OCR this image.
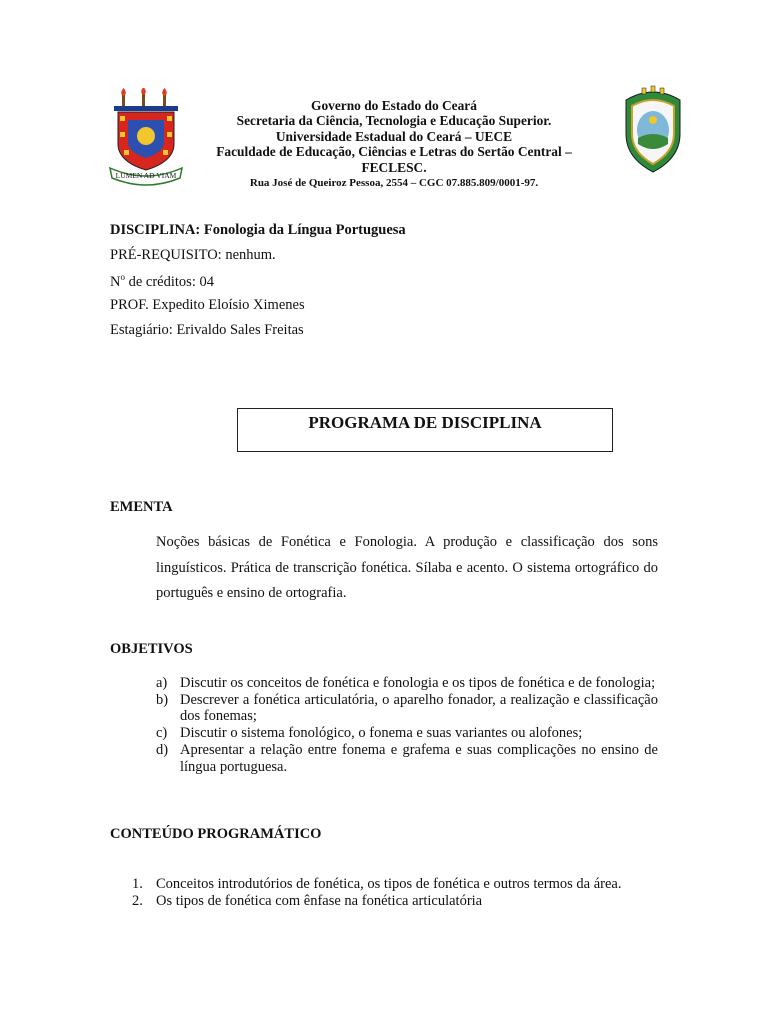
LUMEN AD VIAM
Governo do Estado do Ceará
Secretaria da Ciência, Tecnologia e Educação Superior.
Universidade Estadual do Ceará – UECE
Faculdade de Educação, Ciências e Letras do Sertão Central –
FECLESC.
Rua José de Queiroz Pessoa, 2554 – CGC 07.885.809/0001-97.
DISCIPLINA: Fonologia da Língua Portuguesa
PRÉ-REQUISITO: nenhum.
$N^o$ de créditos: 04
PROF. Expedito Eloísio Ximenes
Estagiário: Erivaldo Sales Freitas
PROGRAMA DE DISCIPLINA
EMENTA
Noções básicas de Fonética e Fonologia. A produção e classificação dos sons linguísticos. Prática de transcrição fonética. Sílaba e acento. O sistema ortográfico do português e ensino de ortografia.
OBJETIVOS
a) Discutir os conceitos de fonética e fonologia e os tipos de fonética e de fonologia;
b) Descrever a fonética articulatória, o aparelho fonador, a realização e classificação dos fonemas;
c) Discutir o sistema fonológico, o fonema e suas variantes ou alofones;
d) Apresentar a relação entre fonema e grafema e suas complicações no ensino de língua portuguesa.
CONTEÚDO PROGRAMÁTICO
1. Conceitos introdutórios de fonética, os tipos de fonética e outros termos da área.
2. Os tipos de fonética com ênfase na fonética articulatória
